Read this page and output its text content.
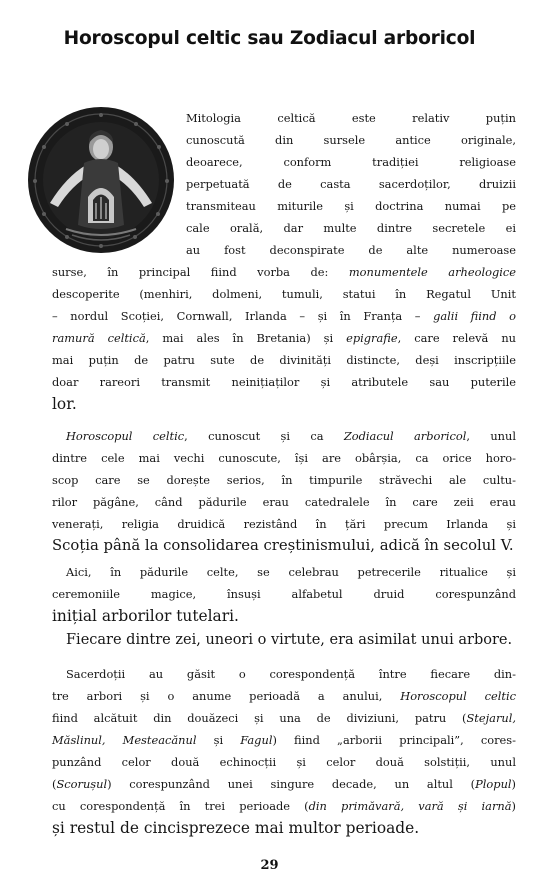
Horoscopul celtic sau Zodiacul arboricol
Mitologia celtică este relativ puțin
cunoscută din sursele antice originale,
deoarece, conform tradiției religioase
perpetuată de casta sacerdoților, druizii
transmiteau miturile și doctrina numai pe
cale orală, dar multe dintre secretele ei
au fost deconspirate de alte numeroase
surse, în principal fiind vorba de: monumentele arheologice
descoperite (menhiri, dolmeni, tumuli, statui în Regatul Unit
– nordul Scoției, Cornwall, Irlanda – și în Franța – galii fiind o
ramură celtică, mai ales în Bretania) și epigrafie, care relevă nu
mai puțin de patru sute de divinități distincte, deși inscripțiile
doar rareori transmit neinițiaților și atributele sau puterile
lor.
Horoscopul celtic, cunoscut și ca Zodiacul arboricol, unul
dintre cele mai vechi cunoscute, își are obârșia, ca orice horo-
scop care se dorește serios, în timpurile străvechi ale cultu-
rilor păgâne, când pădurile erau catedralele în care zeii erau
venerați, religia druidică rezistând în țări precum Irlanda și
Scoția până la consolidarea creștinismului, adică în secolul V.
Aici, în pădurile celte, se celebrau petrecerile ritualice și
ceremoniile magice, însuși alfabetul druid corespunzând
inițial arborilor tutelari.
Fiecare dintre zei, uneori o virtute, era asimilat unui arbore.
Sacerdoții au găsit o corespondență între fiecare din-
tre arbori și o anume perioadă a anului, Horoscopul celtic
fiind alcătuit din douăzeci și una de diviziuni, patru (Stejarul,
Măslinul, Mesteacănul și Fagul) fiind „arborii principali”, cores-
punzând celor două echinocții și celor două solstiții, unul
(Scorușul) corespunzând unei singure decade, un altul (Plopul)
cu corespondență în trei perioade (din primăvară, vară și iarnă)
și restul de cincisprezece mai multor perioade.
29
